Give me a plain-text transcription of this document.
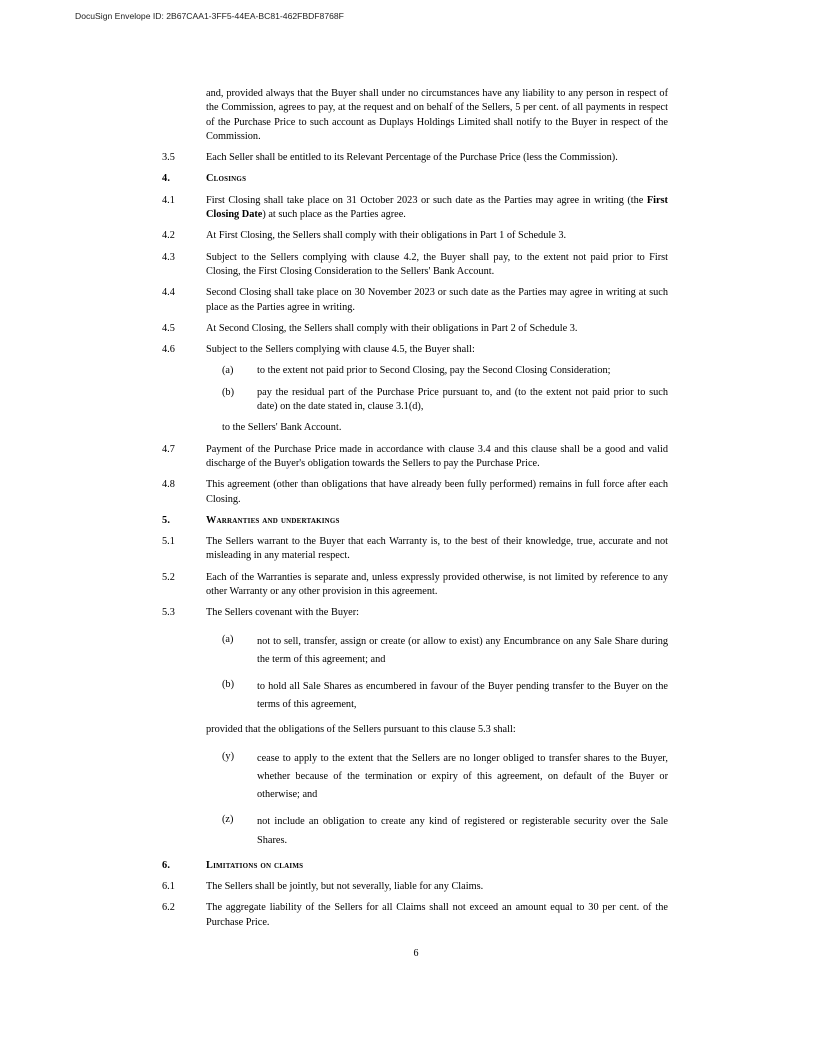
DocuSign Envelope ID: 2B67CAA1-3FF5-44EA-BC81-462FBDF8768F
and, provided always that the Buyer shall under no circumstances have any liability to any person in respect of the Commission, agrees to pay, at the request and on behalf of the Sellers, 5 per cent. of all payments in respect of the Purchase Price to such account as Duplays Holdings Limited shall notify to the Buyer in respect of the Commission.
3.5	Each Seller shall be entitled to its Relevant Percentage of the Purchase Price (less the Commission).
4.	Closings
4.1	First Closing shall take place on 31 October 2023 or such date as the Parties may agree in writing (the First Closing Date) at such place as the Parties agree.
4.2	At First Closing, the Sellers shall comply with their obligations in Part 1 of Schedule 3.
4.3	Subject to the Sellers complying with clause 4.2, the Buyer shall pay, to the extent not paid prior to First Closing, the First Closing Consideration to the Sellers' Bank Account.
4.4	Second Closing shall take place on 30 November 2023 or such date as the Parties may agree in writing at such place as the Parties agree in writing.
4.5	At Second Closing, the Sellers shall comply with their obligations in Part 2 of Schedule 3.
4.6	Subject to the Sellers complying with clause 4.5, the Buyer shall:
(a) to the extent not paid prior to Second Closing, pay the Second Closing Consideration;
(b) pay the residual part of the Purchase Price pursuant to, and (to the extent not paid prior to such date) on the date stated in, clause 3.1(d),
to the Sellers' Bank Account.
4.7	Payment of the Purchase Price made in accordance with clause 3.4 and this clause shall be a good and valid discharge of the Buyer's obligation towards the Sellers to pay the Purchase Price.
4.8	This agreement (other than obligations that have already been fully performed) remains in full force after each Closing.
5.	Warranties and undertakings
5.1	The Sellers warrant to the Buyer that each Warranty is, to the best of their knowledge, true, accurate and not misleading in any material respect.
5.2	Each of the Warranties is separate and, unless expressly provided otherwise, is not limited by reference to any other Warranty or any other provision in this agreement.
5.3	The Sellers covenant with the Buyer:
(a) not to sell, transfer, assign or create (or allow to exist) any Encumbrance on any Sale Share during the term of this agreement; and
(b) to hold all Sale Shares as encumbered in favour of the Buyer pending transfer to the Buyer on the terms of this agreement,
provided that the obligations of the Sellers pursuant to this clause 5.3 shall:
(y) cease to apply to the extent that the Sellers are no longer obliged to transfer shares to the Buyer, whether because of the termination or expiry of this agreement, on default of the Buyer or otherwise; and
(z) not include an obligation to create any kind of registered or registerable security over the Sale Shares.
6.	Limitations on claims
6.1	The Sellers shall be jointly, but not severally, liable for any Claims.
6.2	The aggregate liability of the Sellers for all Claims shall not exceed an amount equal to 30 per cent. of the Purchase Price.
6
